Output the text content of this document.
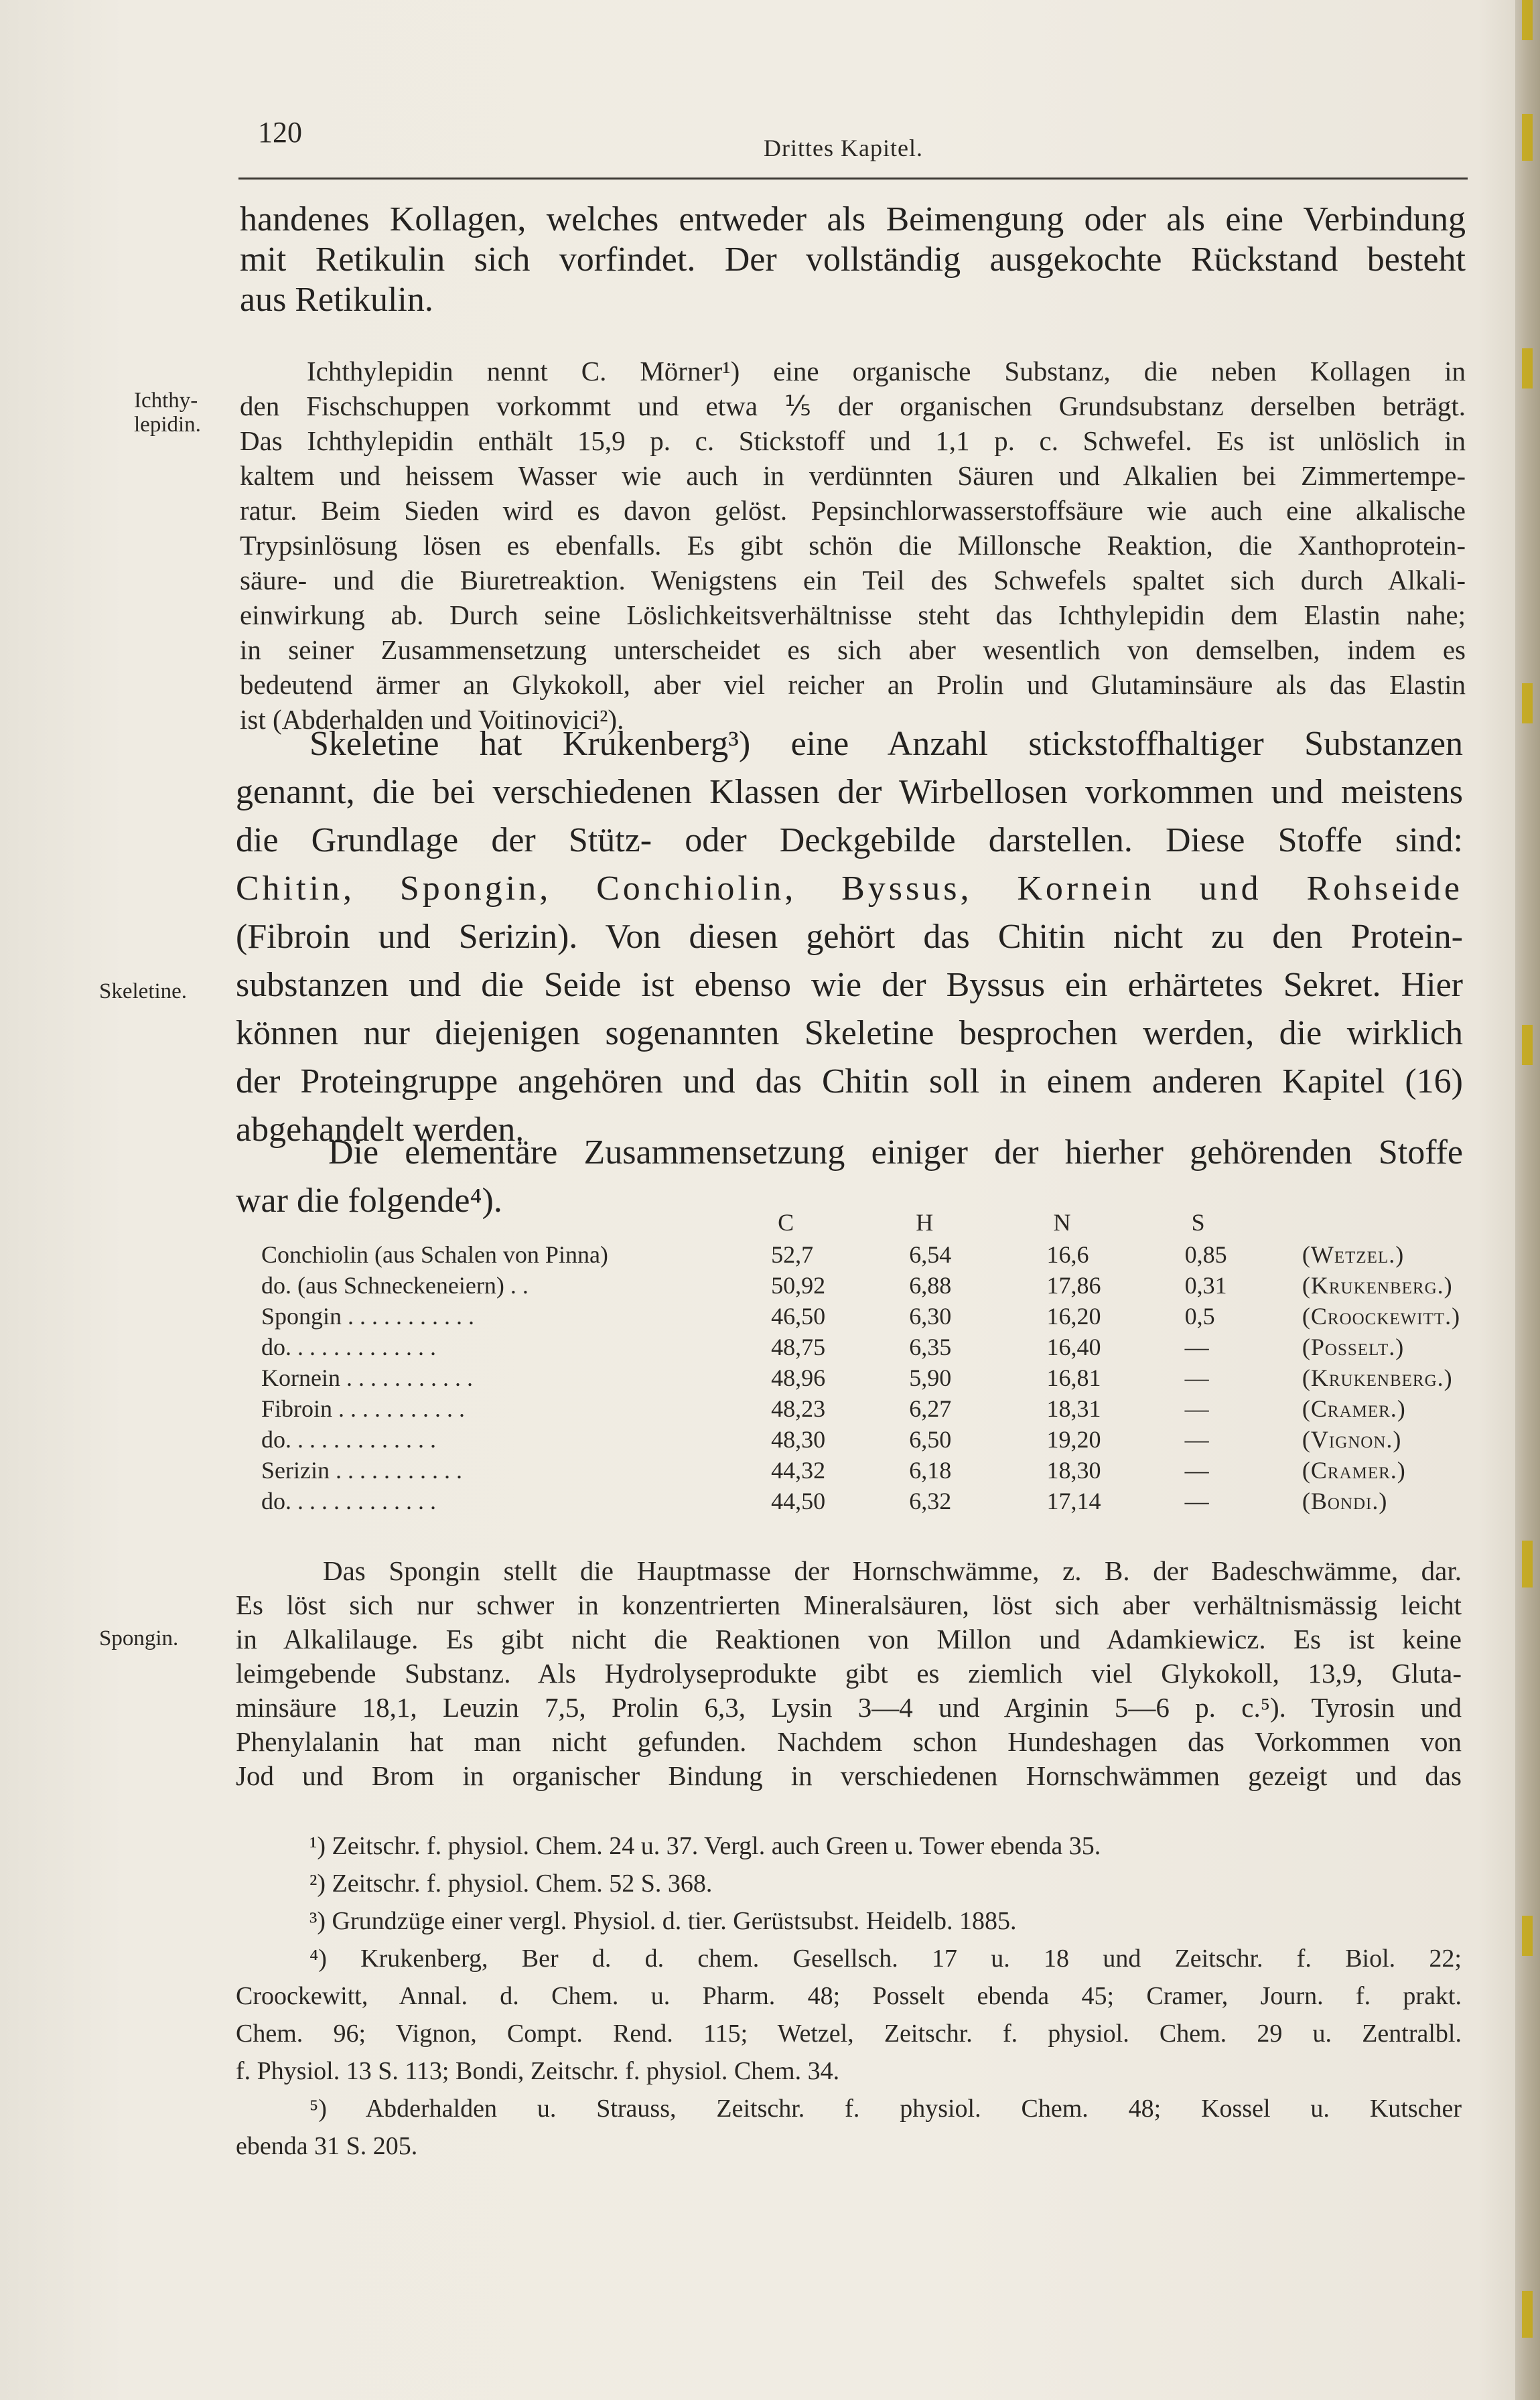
120	Drittes Kapitel.
handenes Kollagen, welches entweder als Beimengung oder als eine Verbindung
mit Retikulin sich vorfindet. Der vollständig ausgekochte Rückstand besteht
aus Retikulin.
Ichthy-
lepidin.
Ichthylepidin nennt C. Mörner¹) eine organische Substanz, die neben Kollagen in
den Fischschuppen vorkommt und etwa ⅕ der organischen Grundsubstanz derselben beträgt.
Das Ichthylepidin enthält 15,9 p. c. Stickstoff und 1,1 p. c. Schwefel. Es ist unlöslich in
kaltem und heissem Wasser wie auch in verdünnten Säuren und Alkalien bei Zimmertempe-
ratur. Beim Sieden wird es davon gelöst. Pepsinchlorwasserstoffsäure wie auch eine alkalische
Trypsinlösung lösen es ebenfalls. Es gibt schön die Millonsche Reaktion, die Xanthoprotein-
säure- und die Biuretreaktion. Wenigstens ein Teil des Schwefels spaltet sich durch Alkali-
einwirkung ab. Durch seine Löslichkeitsverhältnisse steht das Ichthylepidin dem Elastin nahe;
in seiner Zusammensetzung unterscheidet es sich aber wesentlich von demselben, indem es
bedeutend ärmer an Glykokoll, aber viel reicher an Prolin und Glutaminsäure als das Elastin
ist (Abderhalden und Voitinovici²).
Skeletine.
Skeletine hat Krukenberg³) eine Anzahl stickstoffhaltiger Substanzen
genannt, die bei verschiedenen Klassen der Wirbellosen vorkommen und meistens
die Grundlage der Stütz- oder Deckgebilde darstellen. Diese Stoffe sind:
Chitin, Spongin, Conchiolin, Byssus, Kornein und Rohseide
(Fibroin und Serizin). Von diesen gehört das Chitin nicht zu den Protein-
substanzen und die Seide ist ebenso wie der Byssus ein erhärtetes Sekret. Hier
können nur diejenigen sogenannten Skeletine besprochen werden, die wirklich
der Proteingruppe angehören und das Chitin soll in einem anderen Kapitel (16)
abgehandelt werden.
Die elementäre Zusammensetzung einiger der hierher gehörenden Stoffe
war die folgende⁴).
	C	H	N	S	
Conchiolin (aus Schalen von Pinna)	52,7	6,54	16,6	0,85	(Wetzel.)
do. (aus Schneckeneiern) . .	50,92	6,88	17,86	0,31	(Krukenberg.)
Spongin . . . . . . . . . . .	46,50	6,30	16,20	0,5	(Croockewitt.)
do. . . . . . . . . . . . .	48,75	6,35	16,40	—	(Posselt.)
Kornein . . . . . . . . . . .	48,96	5,90	16,81	—	(Krukenberg.)
Fibroin . . . . . . . . . . .	48,23	6,27	18,31	—	(Cramer.)
do. . . . . . . . . . . . .	48,30	6,50	19,20	—	(Vignon.)
Serizin . . . . . . . . . . .	44,32	6,18	18,30	—	(Cramer.)
do. . . . . . . . . . . . .	44,50	6,32	17,14	—	(Bondi.)
Spongin.
Das Spongin stellt die Hauptmasse der Hornschwämme, z. B. der Badeschwämme, dar.
Es löst sich nur schwer in konzentrierten Mineralsäuren, löst sich aber verhältnismässig leicht
in Alkalilauge. Es gibt nicht die Reaktionen von Millon und Adamkiewicz. Es ist keine
leimgebende Substanz. Als Hydrolyseprodukte gibt es ziemlich viel Glykokoll, 13,9, Gluta-
minsäure 18,1, Leuzin 7,5, Prolin 6,3, Lysin 3—4 und Arginin 5—6 p. c.⁵). Tyrosin und
Phenylalanin hat man nicht gefunden. Nachdem schon Hundeshagen das Vorkommen von
Jod und Brom in organischer Bindung in verschiedenen Hornschwämmen gezeigt und das
¹) Zeitschr. f. physiol. Chem. 24 u. 37. Vergl. auch Green u. Tower ebenda 35.
²) Zeitschr. f. physiol. Chem. 52 S. 368.
³) Grundzüge einer vergl. Physiol. d. tier. Gerüstsubst. Heidelb. 1885.
⁴) Krukenberg, Ber d. d. chem. Gesellsch. 17 u. 18 und Zeitschr. f. Biol. 22;
Croockewitt, Annal. d. Chem. u. Pharm. 48; Posselt ebenda 45; Cramer, Journ. f. prakt.
Chem. 96; Vignon, Compt. Rend. 115; Wetzel, Zeitschr. f. physiol. Chem. 29 u. Zentralbl.
f. Physiol. 13 S. 113; Bondi, Zeitschr. f. physiol. Chem. 34.
⁵) Abderhalden u. Strauss, Zeitschr. f. physiol. Chem. 48; Kossel u. Kutscher
ebenda 31 S. 205.
